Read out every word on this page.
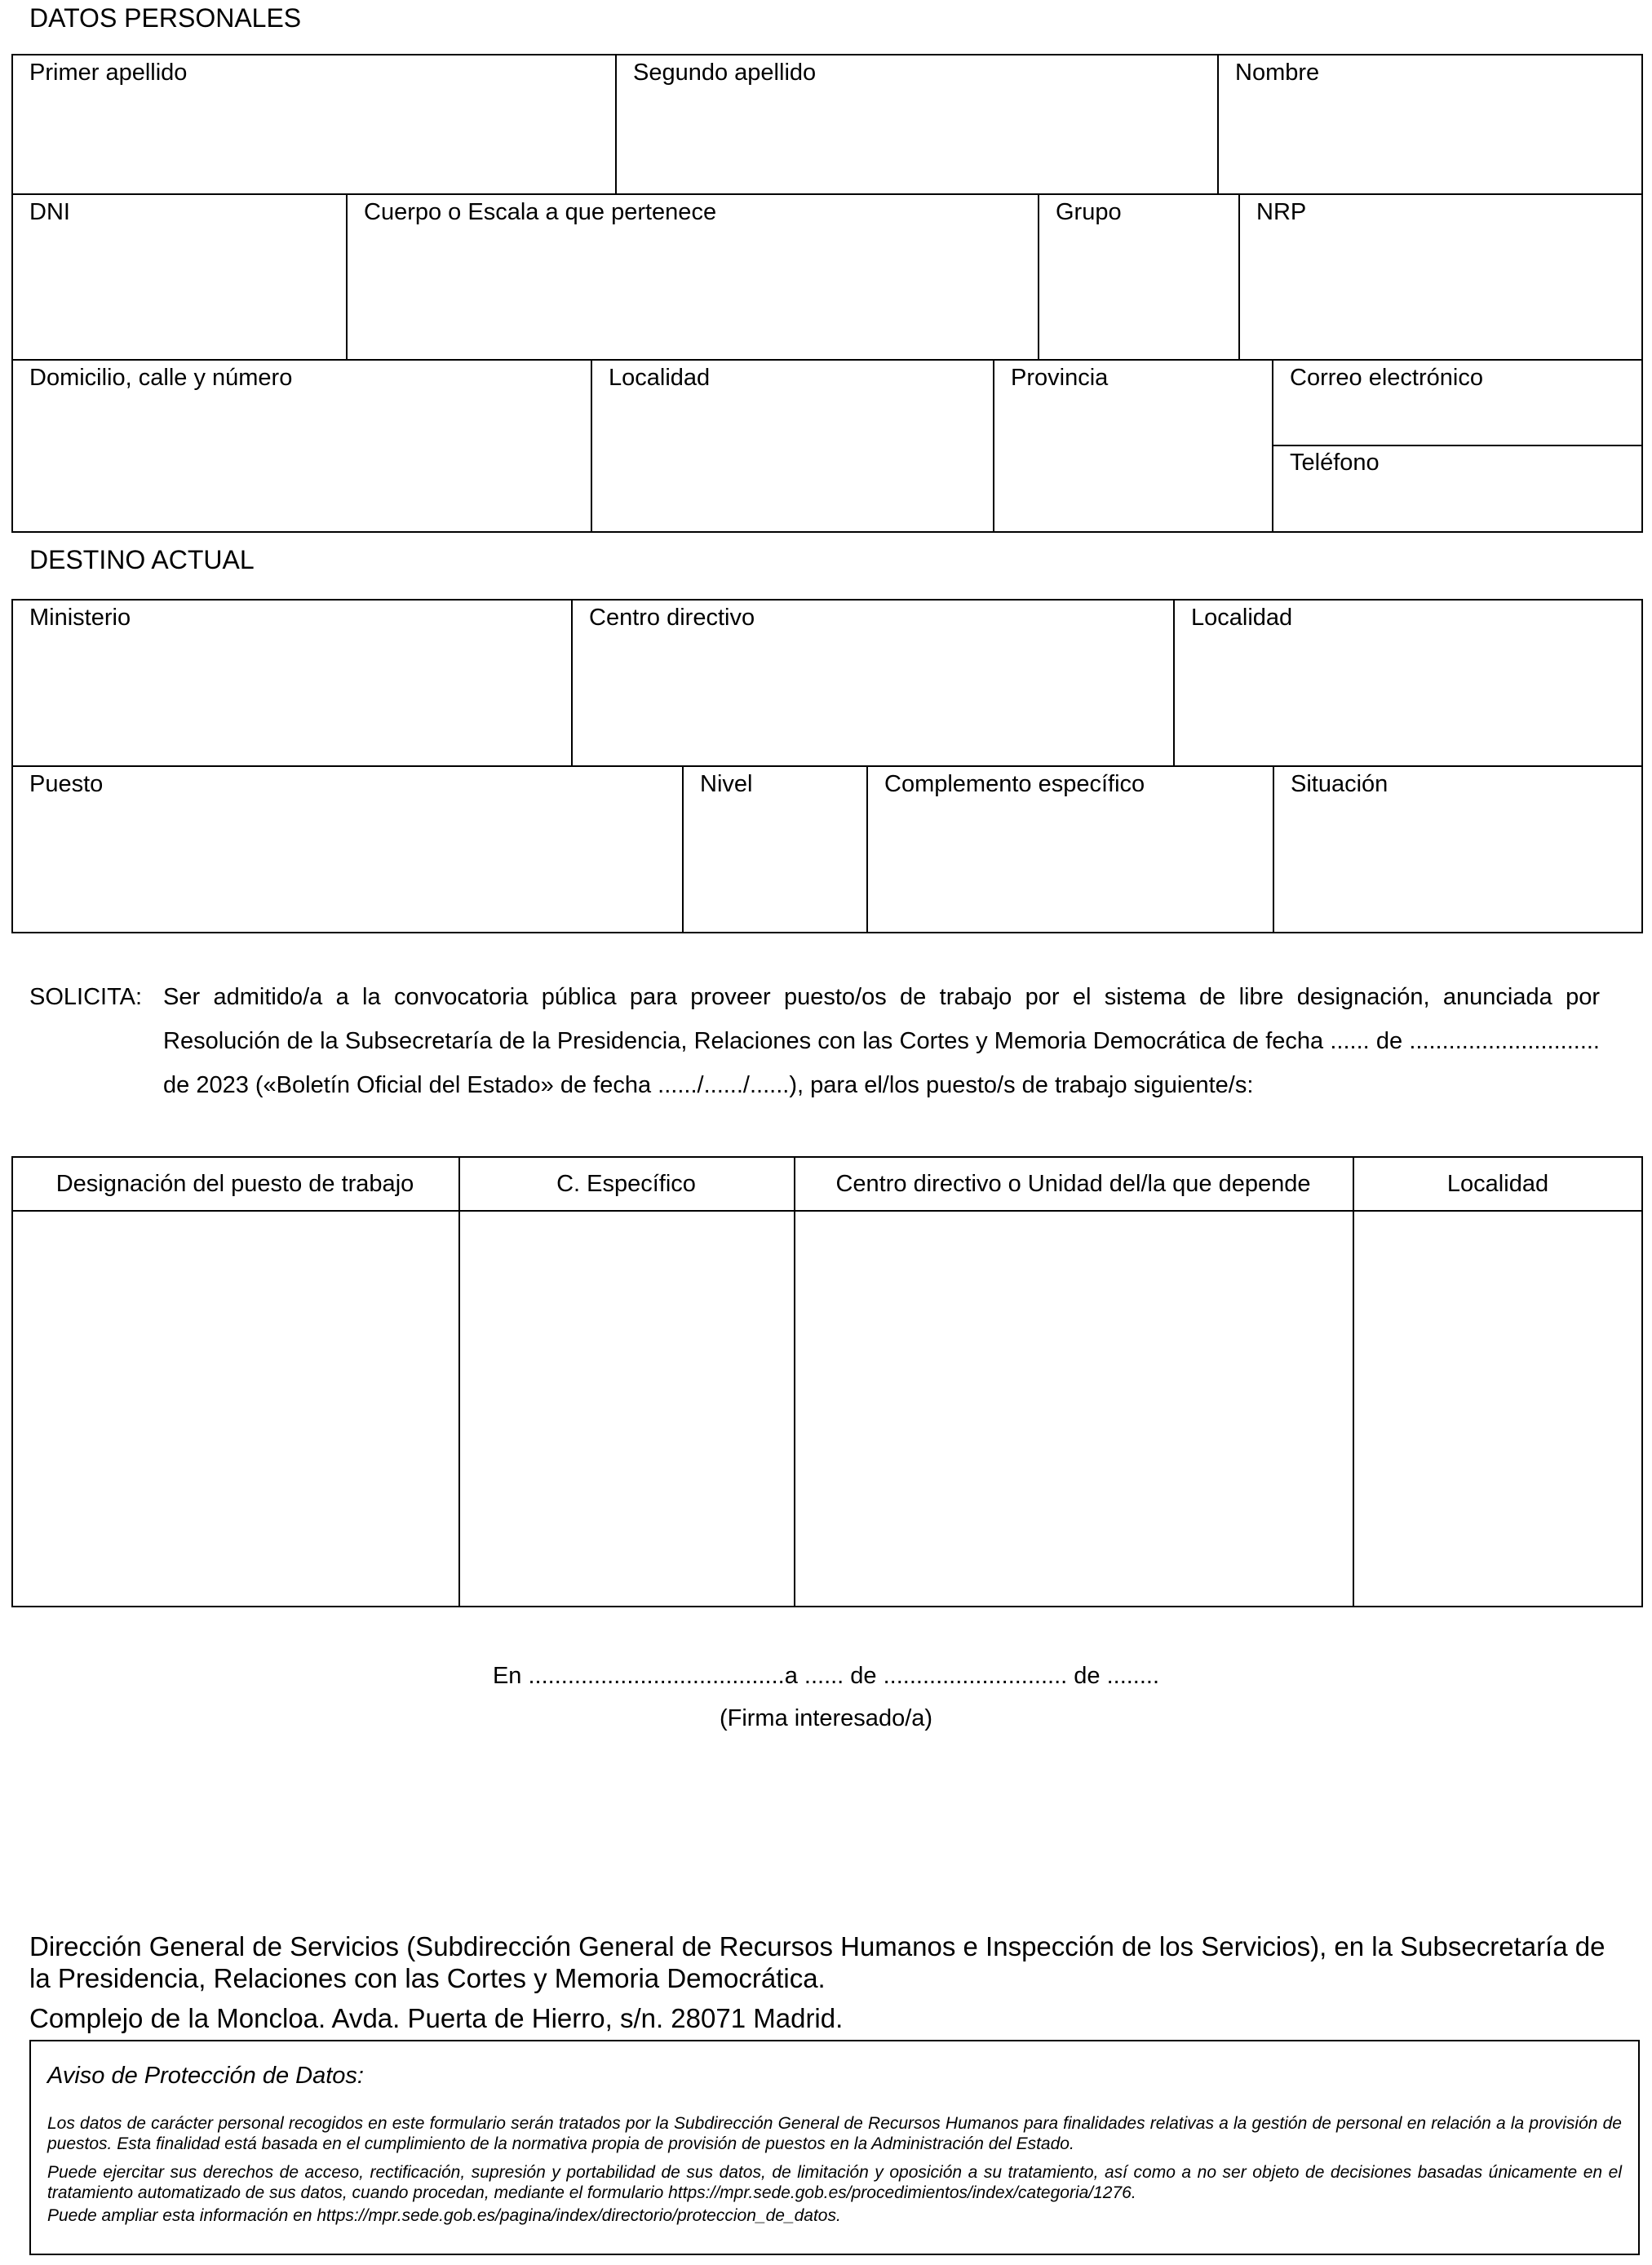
DATOS PERSONALES
Primer apellido	Segundo apellido	Nombre
DNI	Cuerpo o Escala a que pertenece	Grupo	NRP
Domicilio, calle y número	Localidad	Provincia	Correo electrónico
Teléfono
DESTINO ACTUAL
Ministerio	Centro directivo	Localidad
Puesto	Nivel	Complemento específico	Situación
SOLICITA: Ser admitido/a a la convocatoria pública para proveer puesto/os de trabajo por el sistema de libre designación, anunciada por Resolución de la Subsecretaría de la Presidencia, Relaciones con las Cortes y Memoria Democrática de fecha ...... de ............................. de 2023 («Boletín Oficial del Estado» de fecha ....../....../......), para el/los puesto/s de trabajo siguiente/s:
Designación del puesto de trabajo	C. Específico	Centro directivo o Unidad del/la que depende	Localidad
En .......................................a ...... de ............................ de ........
(Firma interesado/a)
Dirección General de Servicios (Subdirección General de Recursos Humanos e Inspección de los Servicios), en la Subsecretaría de la Presidencia, Relaciones con las Cortes y Memoria Democrática.
Complejo de la Moncloa. Avda. Puerta de Hierro, s/n. 28071 Madrid.
Aviso de Protección de Datos:
Los datos de carácter personal recogidos en este formulario serán tratados por la Subdirección General de Recursos Humanos para finalidades relativas a la gestión de personal en relación a la provisión de puestos. Esta finalidad está basada en el cumplimiento de la normativa propia de provisión de puestos en la Administración del Estado.
Puede ejercitar sus derechos de acceso, rectificación, supresión y portabilidad de sus datos, de limitación y oposición a su tratamiento, así como a no ser objeto de decisiones basadas únicamente en el tratamiento automatizado de sus datos, cuando procedan, mediante el formulario https://mpr.sede.gob.es/procedimientos/index/categoria/1276.
Puede ampliar esta información en https://mpr.sede.gob.es/pagina/index/directorio/proteccion_de_datos.
